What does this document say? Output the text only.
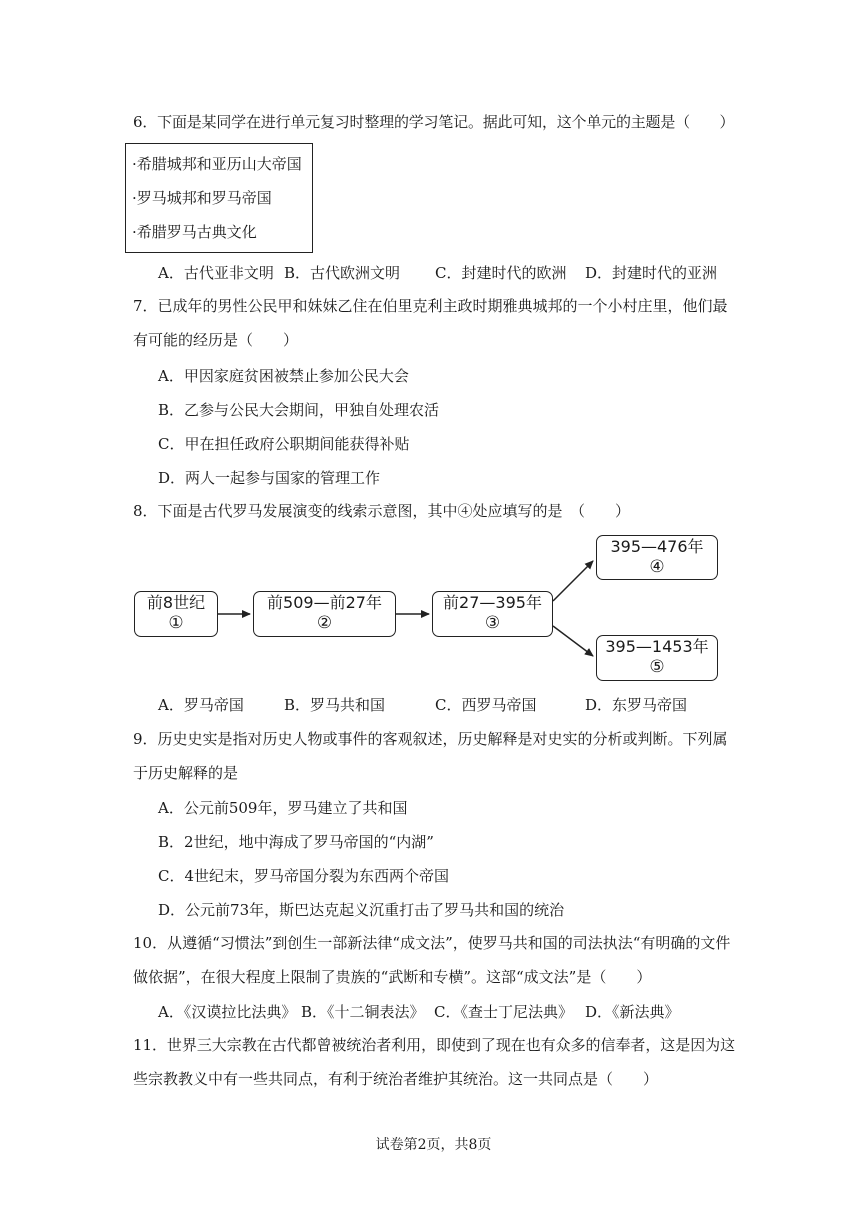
6．下面是某同学在进行单元复习时整理的学习笔记。据此可知，这个单元的主题是（　　）
·希腊城邦和亚历山大帝国
·罗马城邦和罗马帝国
·希腊罗马古典文化
A．古代亚非文明 B．古代欧洲文明 C．封建时代的欧洲 D．封建时代的亚洲
7．已成年的男性公民甲和妹妹乙住在伯里克利主政时期雅典城邦的一个小村庄里，他们最
有可能的经历是（　　）
A．甲因家庭贫困被禁止参加公民大会
B．乙参与公民大会期间，甲独自处理农活
C．甲在担任政府公职期间能获得补贴
D．两人一起参与国家的管理工作
8．下面是古代罗马发展演变的线索示意图，其中④处应填写的是　（　　）
前8世纪
①
前509—前27年
②
前27—395年
③
395—476年
④
395—1453年
⑤
A．罗马帝国	B．罗马共和国	C．西罗马帝国	D．东罗马帝国
9．历史史实是指对历史人物或事件的客观叙述，历史解释是对史实的分析或判断。下列属
于历史解释的是
A．公元前509年，罗马建立了共和国
B．2世纪，地中海成了罗马帝国的“内湖”
C．4世纪末，罗马帝国分裂为东西两个帝国
D．公元前73年，斯巴达克起义沉重打击了罗马共和国的统治
10．从遵循“习惯法”到创生一部新法律“成文法”，使罗马共和国的司法执法“有明确的文件
做依据”，在很大程度上限制了贵族的“武断和专横”。这部“成文法”是（　　）
A．《汉谟拉比法典》 B．《十二铜表法》 C．《查士丁尼法典》 D．《新法典》
11．世界三大宗教在古代都曾被统治者利用，即使到了现在也有众多的信奉者，这是因为这
些宗教教义中有一些共同点，有利于统治者维护其统治。这一共同点是（　　）
试卷第2页，共8页
